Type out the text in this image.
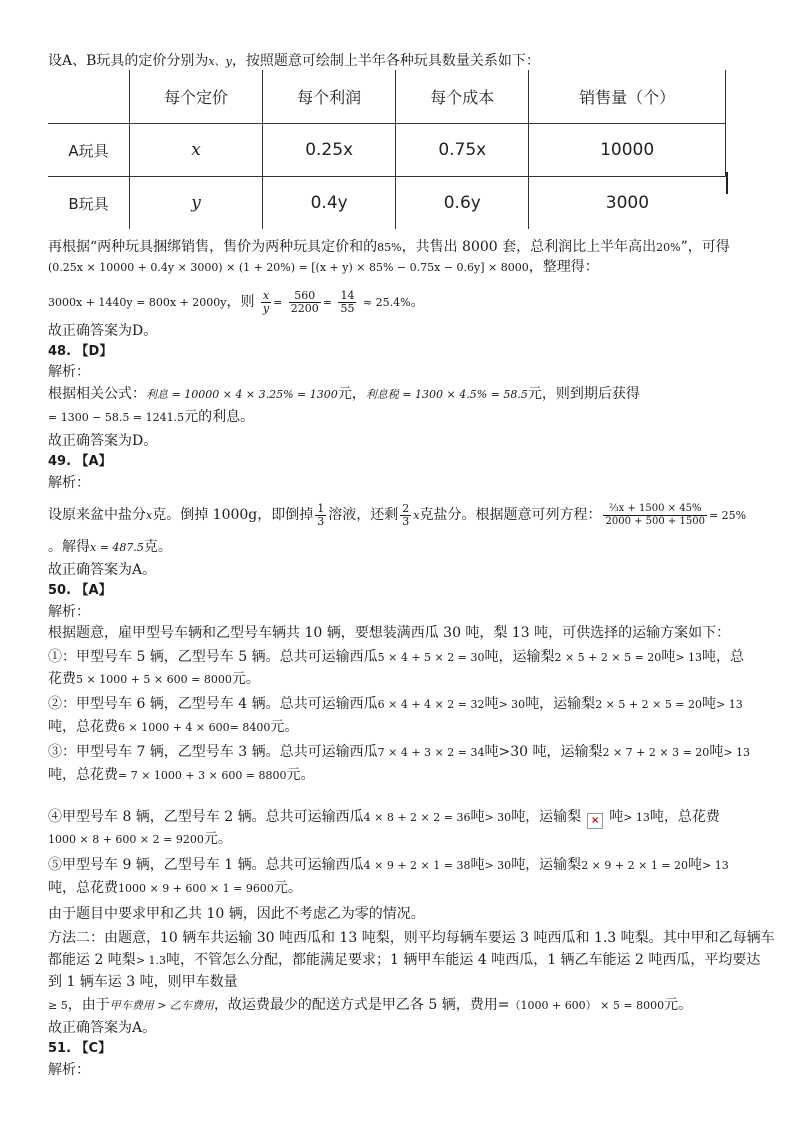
设A、B玩具的定价分别为x、y，按照题意可绘制上半年各种玩具数量关系如下：
	每个定价	每个利润	每个成本	销售量（个）
A玩具	x	0.25x	0.75x	10000
B玩具	y	0.4y	0.6y	3000
再根据“两种玩具捆绑销售，售价为两种玩具定价和的85%，共售出 8000 套，总利润比上半年高出20%”，可得
(0.25x × 10000 + 0.4y × 3000) × (1 + 20%) = [(x + y) × 85% − 0.75x − 0.6y] × 8000，整理得：
3000x + 1440y = 800x + 2000y，则 $\frac{x}{y} = \frac{560}{2200} = \frac{14}{55} \approx 25.4\%$。
故正确答案为D。
48. 【D】
解析：
根据相关公式：利息 = 10000 × 4 × 3.25% = 1300元，利息税 = 1300 × 4.5% = 58.5元，则到期后获得
= 1300 − 58.5 = 1241.5元的利息。
故正确答案为D。
49. 【A】
解析：
设原来盆中盐分x克。倒掉 1000g，即倒掉 $\frac{1}{3}$ 溶液，还剩 $\frac{2}{3}$ x克盐分。根据题意可列方程： $\frac{\text{⅔x + 1500 × 45\%}}{2000 + 500 + 1500} = 25\%$
。解得x = 487.5克。
故正确答案为A。
50. 【A】
解析：
根据题意，雇甲型号车辆和乙型号车辆共 10 辆，要想装满西瓜 30 吨，梨 13 吨，可供选择的运输方案如下：
①：甲型号车 5 辆，乙型号车 5 辆。总共可运输西瓜5 × 4 + 5 × 2 = 30吨，运输梨2 × 5 + 2 × 5 = 20吨> 13吨，总
花费5 × 1000 + 5 × 600 = 8000元。
②：甲型号车 6 辆，乙型号车 4 辆。总共可运输西瓜6 × 4 + 4 × 2 = 32吨> 30吨，运输梨2 × 5 + 2 × 5 = 20吨> 13
吨，总花费6 × 1000 + 4 × 600= 8400元。
③：甲型号车 7 辆，乙型号车 3 辆。总共可运输西瓜7 × 4 + 3 × 2 = 34吨>30 吨，运输梨2 × 7 + 2 × 3 = 20吨> 13
吨，总花费= 7 × 1000 + 3 × 600 = 8800元。
④甲型号车 8 辆，乙型号车 2 辆。总共可运输西瓜4 × 8 + 2 × 2 = 36吨> 30吨，运输梨 × 吨> 13吨，总花费
1000 × 8 + 600 × 2 = 9200元。
⑤甲型号车 9 辆，乙型号车 1 辆。总共可运输西瓜4 × 9 + 2 × 1 = 38吨> 30吨，运输梨2 × 9 + 2 × 1 = 20吨> 13
吨，总花费1000 × 9 + 600 × 1 = 9600元。
由于题目中要求甲和乙共 10 辆，因此不考虑乙为零的情况。
方法二：由题意，10 辆车共运输 30 吨西瓜和 13 吨梨，则平均每辆车要运 3 吨西瓜和 1.3 吨梨。其中甲和乙每辆车
都能运 2 吨梨> 1.3吨，不管怎么分配，都能满足要求；1 辆甲车能运 4 吨西瓜，1 辆乙车能运 2 吨西瓜，平均要达
到 1 辆车运 3 吨，则甲车数量
≥ 5，由于甲车费用 > 乙车费用，故运费最少的配送方式是甲乙各 5 辆，费用=（1000 + 600） × 5 = 8000元。
故正确答案为A。
51. 【C】
解析：
